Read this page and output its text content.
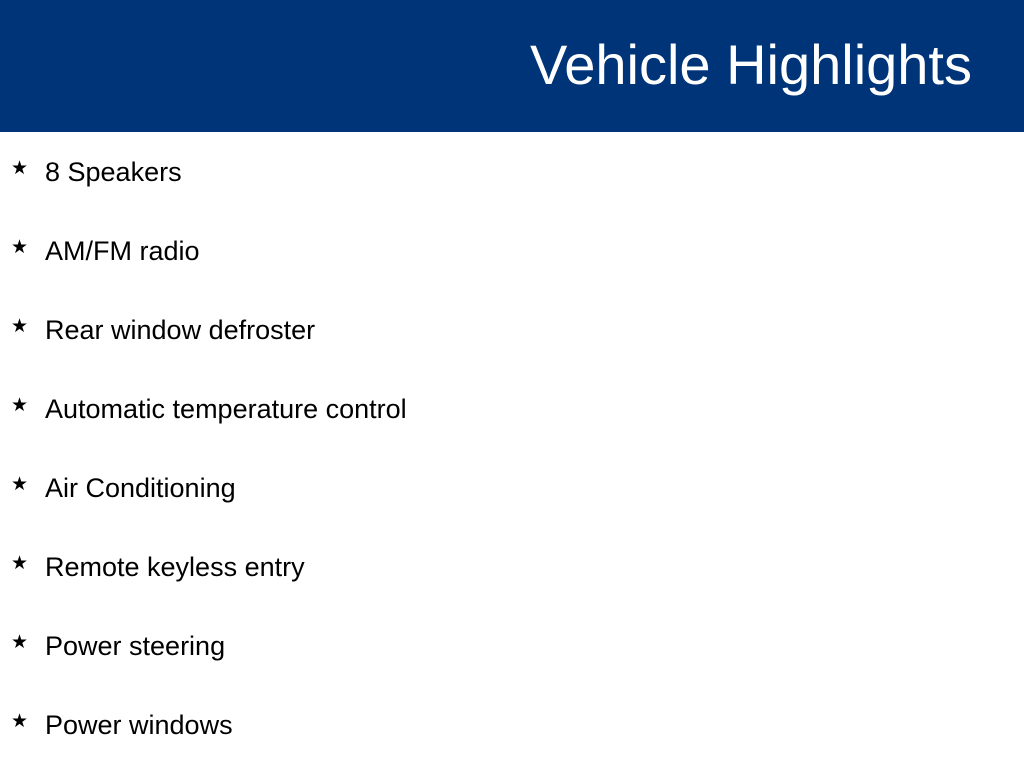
Vehicle Highlights
★ 8 Speakers
★ AM/FM radio
★ Rear window defroster
★ Automatic temperature control
★ Air Conditioning
★ Remote keyless entry
★ Power steering
★ Power windows
